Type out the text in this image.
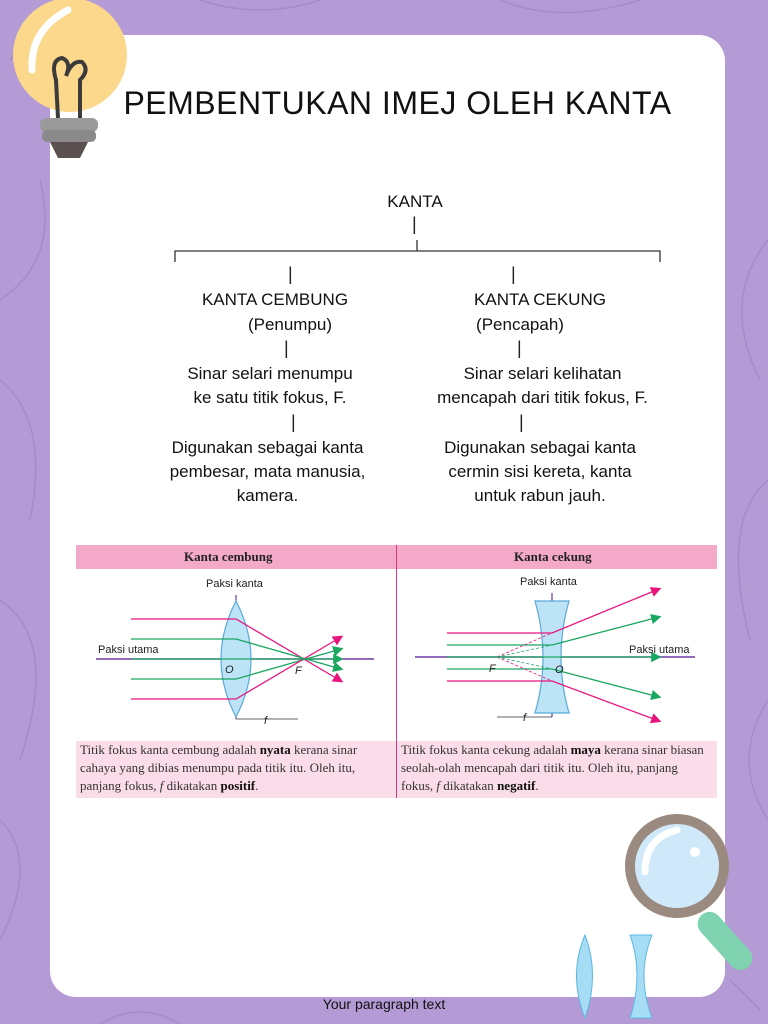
PEMBENTUKAN IMEJ OLEH KANTA
KANTA
|
|	|
KANTA CEMBUNG
(Penumpu)
|
Sinar selari menumpu
ke satu titik fokus, F.
|
Digunakan sebagai kanta
pembesar, mata manusia,
kamera.
KANTA CEKUNG
(Pencapah)
|
Sinar selari kelihatan
mencapah dari titik fokus, F.
|
Digunakan sebagai kanta
cermin sisi kereta, kanta
untuk rabun jauh.
Kanta cembung	Kanta cekung
Paksi kanta
Paksi utama
O	F
f
Paksi kanta
Paksi utama
O
F
f
Titik fokus kanta cembung adalah nyata kerana sinar cahaya yang dibias menumpu pada titik itu. Oleh itu, panjang fokus, f dikatakan positif.
Titik fokus kanta cekung adalah maya kerana sinar biasan seolah-olah mencapah dari titik itu. Oleh itu, panjang fokus, f dikatakan negatif.
Your paragraph text
